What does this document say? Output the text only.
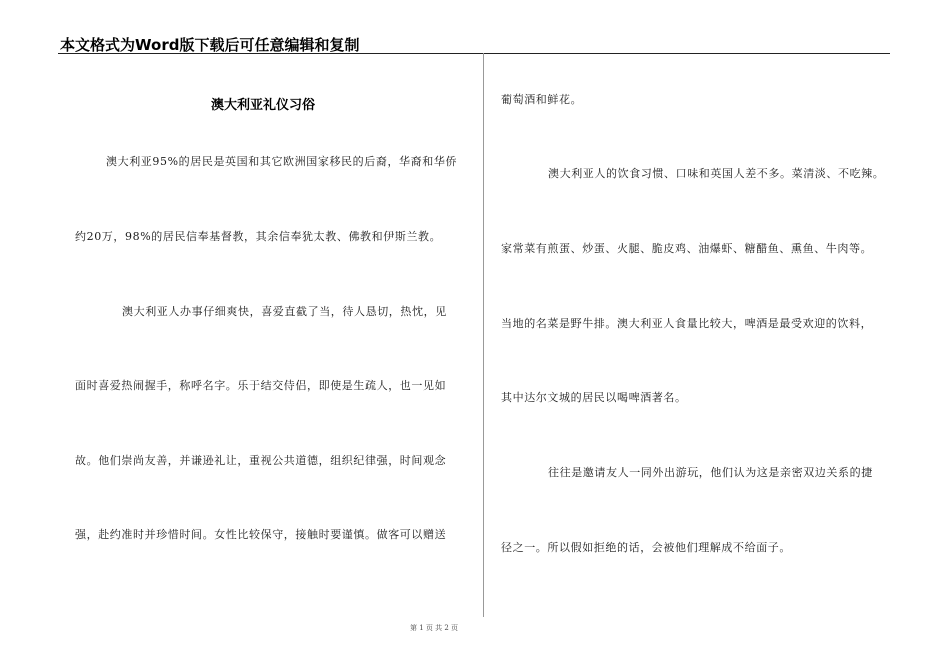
本文格式为Word版下载后可任意编辑和复制
澳大利亚礼仪习俗
澳大利亚95%的居民是英国和其它欧洲国家移民的后裔，华裔和华侨
约20万，98%的居民信奉基督教，其余信奉犹太教、佛教和伊斯兰教。
澳大利亚人办事仔细爽快，喜爱直截了当，待人恳切，热忱，见
面时喜爱热闹握手，称呼名字。乐于结交侍侣，即使是生疏人，也一见如
故。他们崇尚友善，并谦逊礼让，重视公共道德，组织纪律强，时间观念
强，赴约准时并珍惜时间。女性比较保守，接触时要谨慎。做客可以赠送
葡萄酒和鲜花。
澳大利亚人的饮食习惯、口味和英国人差不多。菜清淡、不吃辣。
家常菜有煎蛋、炒蛋、火腿、脆皮鸡、油爆虾、糖醋鱼、熏鱼、牛肉等。
当地的名菜是野牛排。澳大利亚人食量比较大，啤酒是最受欢迎的饮料，
其中达尔文城的居民以喝啤酒著名。
往往是邀请友人一同外出游玩，他们认为这是亲密双边关系的捷
径之一。所以假如拒绝的话，会被他们理解成不给面子。
第 1 页 共 2 页
